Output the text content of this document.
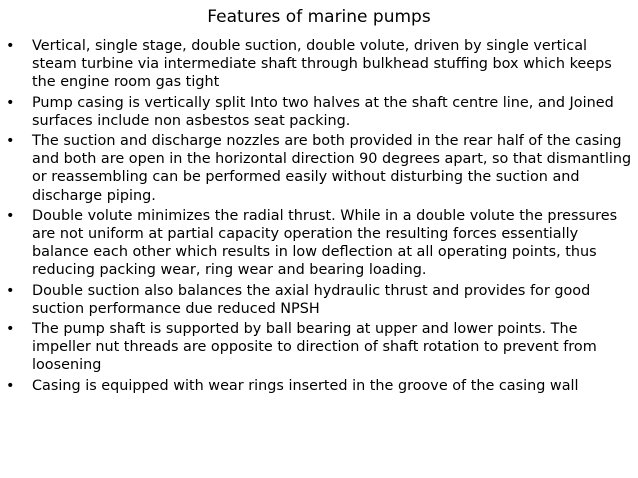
Features of marine pumps
•	Vertical, single stage, double suction, double volute, driven by single vertical steam turbine via intermediate shaft through bulkhead stuffing box which keeps the engine room gas tight
•	Pump casing is vertically split Into two halves at the shaft centre line, and Joined surfaces include non asbestos seat packing.
•	The suction and discharge nozzles are both provided in the rear half of the casing and both are open in the horizontal direction 90 degrees apart, so that dismantling or reassembling can be performed easily without disturbing the suction and discharge piping.
•	Double volute minimizes the radial thrust. While in a double volute the pressures are not uniform at partial capacity operation the resulting forces essentially balance each other which results in low deflection at all operating points, thus reducing packing wear, ring wear and bearing loading.
•	Double suction also balances the axial hydraulic thrust and provides for good suction performance due reduced NPSH
•	The pump shaft is supported by ball bearing at upper and lower points. The impeller nut threads are opposite to direction of shaft rotation to prevent from loosening
•	Casing is equipped with wear rings inserted in the groove of the casing wall
